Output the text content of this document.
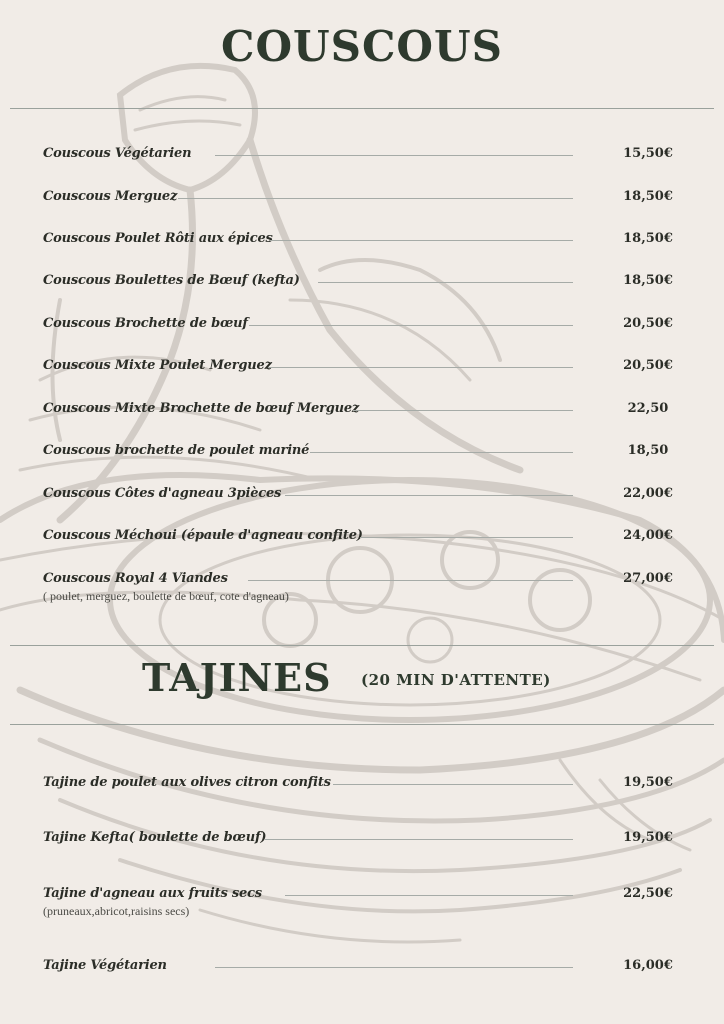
COUSCOUS
Couscous Végétarien	15,50€
Couscous Merguez	18,50€
Couscous Poulet Rôti aux épices	18,50€
Couscous Boulettes de Bœuf (kefta)	18,50€
Couscous Brochette de bœuf	20,50€
Couscous Mixte Poulet Merguez	20,50€
Couscous Mixte Brochette de bœuf Merguez	22,50
Couscous brochette de poulet mariné	18,50
Couscous Côtes d'agneau 3pièces	22,00€
Couscous Méchoui (épaule d'agneau confite)	24,00€
Couscous Royal 4 Viandes	27,00€
( poulet, merguez, boulette de bœuf, cote d'agneau)
TAJINES (20 MIN D'ATTENTE)
Tajine de poulet aux olives citron confits	19,50€
Tajine Kefta( boulette de bœuf)	19,50€
Tajine d'agneau aux fruits secs	22,50€
(pruneaux,abricot,raisins secs)
Tajine Végétarien	16,00€
